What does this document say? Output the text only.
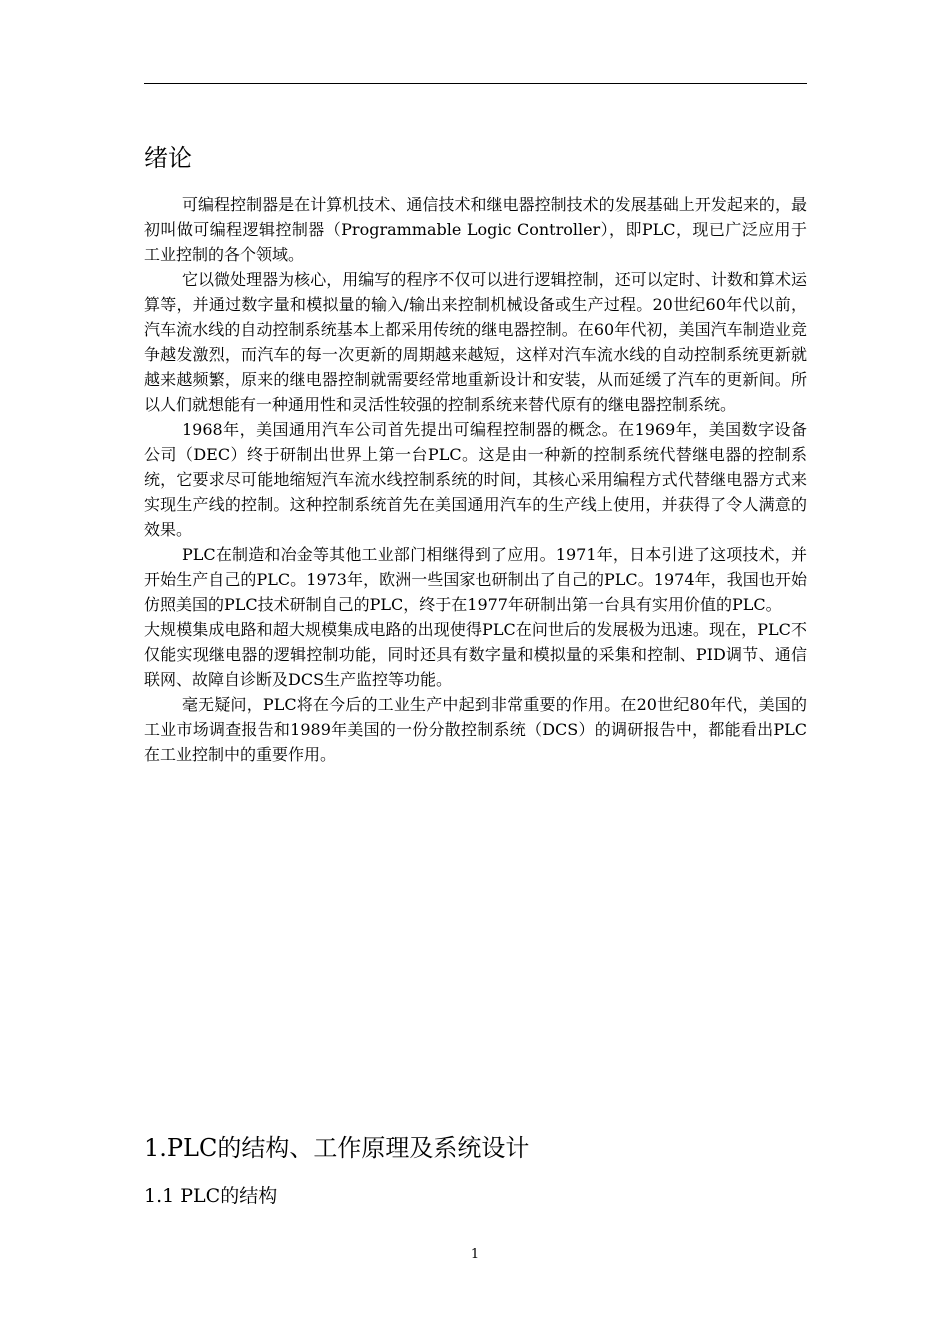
绪论

可编程控制器是在计算机技术、通信技术和继电器控制技术的发展基础上开发起来的，最初叫做可编程逻辑控制器（Programmable Logic Controller），即PLC，现已广泛应用于工业控制的各个领域。

它以微处理器为核心，用编写的程序不仅可以进行逻辑控制，还可以定时、计数和算术运算等，并通过数字量和模拟量的输入/输出来控制机械设备或生产过程。20世纪60年代以前，汽车流水线的自动控制系统基本上都采用传统的继电器控制。在60年代初，美国汽车制造业竞争越发激烈，而汽车的每一次更新的周期越来越短，这样对汽车流水线的自动控制系统更新就越来越频繁，原来的继电器控制就需要经常地重新设计和安装，从而延缓了汽车的更新间。所以人们就想能有一种通用性和灵活性较强的控制系统来替代原有的继电器控制系统。

1968年，美国通用汽车公司首先提出可编程控制器的概念。在1969年，美国数字设备公司（DEC）终于研制出世界上第一台PLC。这是由一种新的控制系统代替继电器的控制系统，它要求尽可能地缩短汽车流水线控制系统的时间，其核心采用编程方式代替继电器方式来实现生产线的控制。这种控制系统首先在美国通用汽车的生产线上使用，并获得了令人满意的效果。

PLC在制造和冶金等其他工业部门相继得到了应用。1971年，日本引进了这项技术，并开始生产自己的PLC。1973年，欧洲一些国家也研制出了自己的PLC。1974年，我国也开始仿照美国的PLC技术研制自己的PLC，终于在1977年研制出第一台具有实用价值的PLC。

大规模集成电路和超大规模集成电路的出现使得PLC在问世后的发展极为迅速。现在，PLC不仅能实现继电器的逻辑控制功能，同时还具有数字量和模拟量的采集和控制、PID调节、通信联网、故障自诊断及DCS生产监控等功能。

毫无疑问，PLC将在今后的工业生产中起到非常重要的作用。在20世纪80年代，美国的工业市场调查报告和1989年美国的一份分散控制系统（DCS）的调研报告中，都能看出PLC在工业控制中的重要作用。

1.PLC的结构、工作原理及系统设计
1.1 PLC的结构
1
